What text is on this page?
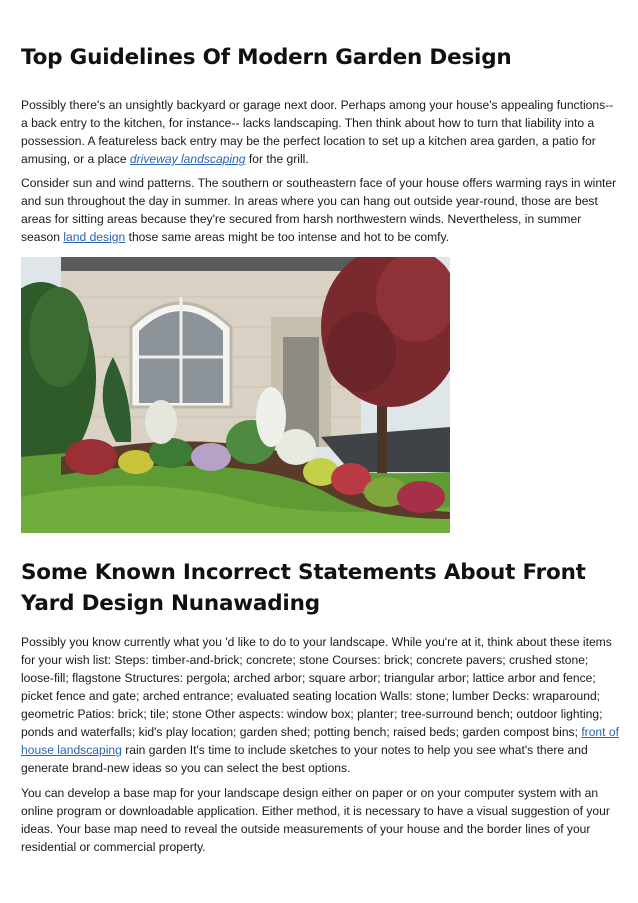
Top Guidelines Of Modern Garden Design

Possibly there's an unsightly backyard or garage next door. Perhaps among your house's appealing functions-- a back entry to the kitchen, for instance-- lacks landscaping. Then think about how to turn that liability into a possession. A featureless back entry may be the perfect location to set up a kitchen area garden, a patio for amusing, or a place driveway landscaping for the grill.

Consider sun and wind patterns. The southern or southeastern face of your house offers warming rays in winter and sun throughout the day in summer. In areas where you can hang out outside year-round, those are best areas for sitting areas because they're secured from harsh northwestern winds. Nevertheless, in summer season land design those same areas might be too intense and hot to be comfy.

Some Known Incorrect Statements About Front Yard Design Nunawading

Possibly you know currently what you 'd like to do to your landscape. While you're at it, think about these items for your wish list: Steps: timber-and-brick; concrete; stone Courses: brick; concrete pavers; crushed stone; loose-fill; flagstone Structures: pergola; arched arbor; square arbor; triangular arbor; lattice arbor and fence; picket fence and gate; arched entrance; evaluated seating location Walls: stone; lumber Decks: wraparound; geometric Patios: brick; tile; stone Other aspects: window box; planter; tree-surround bench; outdoor lighting; ponds and waterfalls; kid's play location; garden shed; potting bench; raised beds; garden compost bins; front of house landscaping rain garden It's time to include sketches to your notes to help you see what's there and generate brand-new ideas so you can select the best options.

You can develop a base map for your landscape design either on paper or on your computer system with an online program or downloadable application. Either method, it is necessary to have a visual suggestion of your ideas. Your base map need to reveal the outside measurements of your house and the border lines of your residential or commercial property.
